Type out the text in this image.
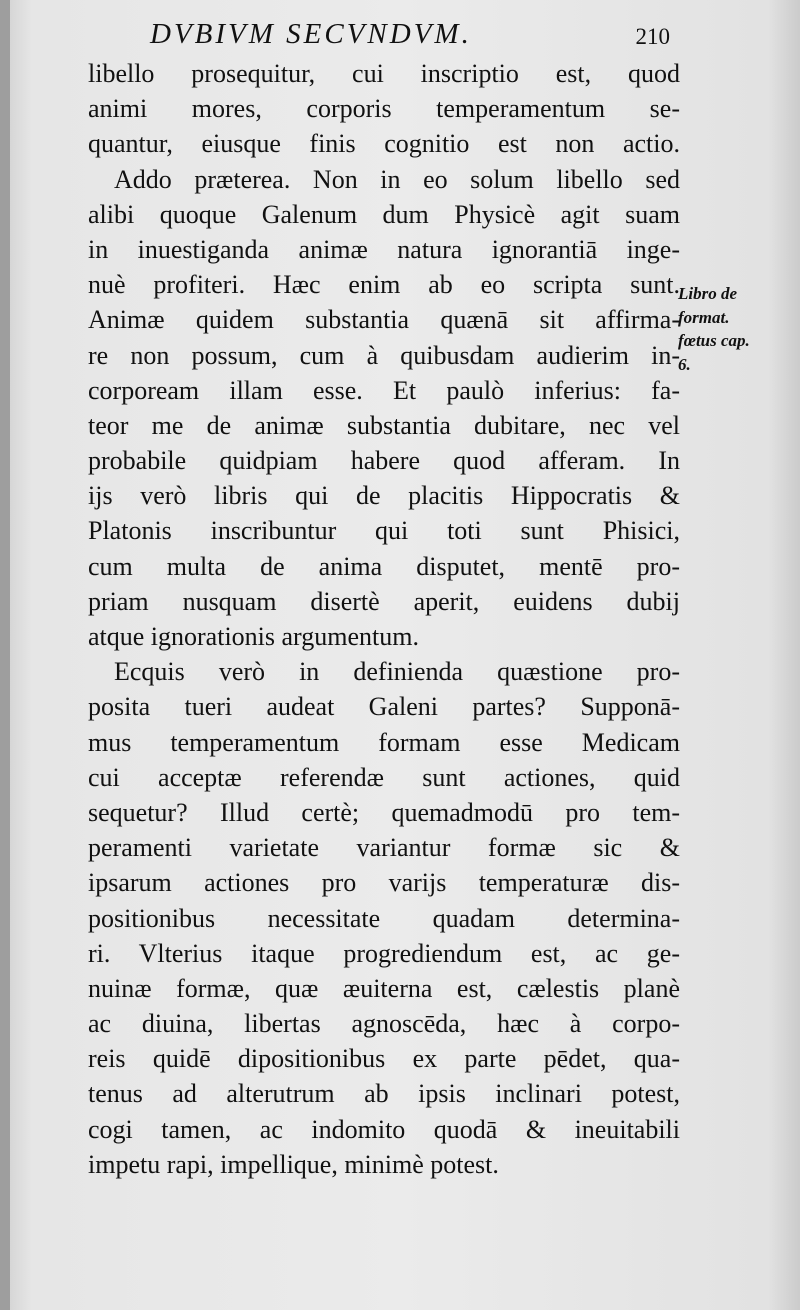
DVBIVM SECVNDVM.	210
libello prosequitur, cui inscriptio est, quod
animi mores, corporis temperamentum se-
quantur, eiusque finis cognitio est non actio.
Addo præterea. Non in eo solum libello sed
alibi quoque Galenum dum Physicè agit suam
in inuestiganda animæ natura ignorantiā inge-
nuè profiteri. Hæc enim ab eo scripta sunt.
Animæ quidem substantia quænā sit affirma-
re non possum, cum à quibusdam audierim in-
corpoream illam esse. Et paulò inferius: fa-
teor me de animæ substantia dubitare, nec vel
probabile quidpiam habere quod afferam. In
ijs verò libris qui de placitis Hippocratis &
Platonis inscribuntur qui toti sunt Phisici,
cum multa de anima disputet, mentē pro-
priam nusquam disertè aperit, euidens dubij
atque ignorationis argumentum.
Ecquis verò in definienda quæstione pro-
posita tueri audeat Galeni partes? Supponā-
mus temperamentum formam esse Medicam
cui acceptæ referendæ sunt actiones, quid
sequetur? Illud certè; quemadmodū pro tem-
peramenti varietate variantur formæ sic &
ipsarum actiones pro varijs temperaturæ dis-
positionibus necessitate quadam determina-
ri. Vlterius itaque progrediendum est, ac ge-
nuinæ formæ, quæ æuiterna est, cælestis planè
ac diuina, libertas agnoscēda, hæc à corpo-
reis quidē dipositionibus ex parte pēdet, qua-
tenus ad alterutrum ab ipsis inclinari potest,
cogi tamen, ac indomito quodā & ineuitabili
impetu rapi, impellique, minimè potest.
Libro de
format.
fœtus cap.
6.
